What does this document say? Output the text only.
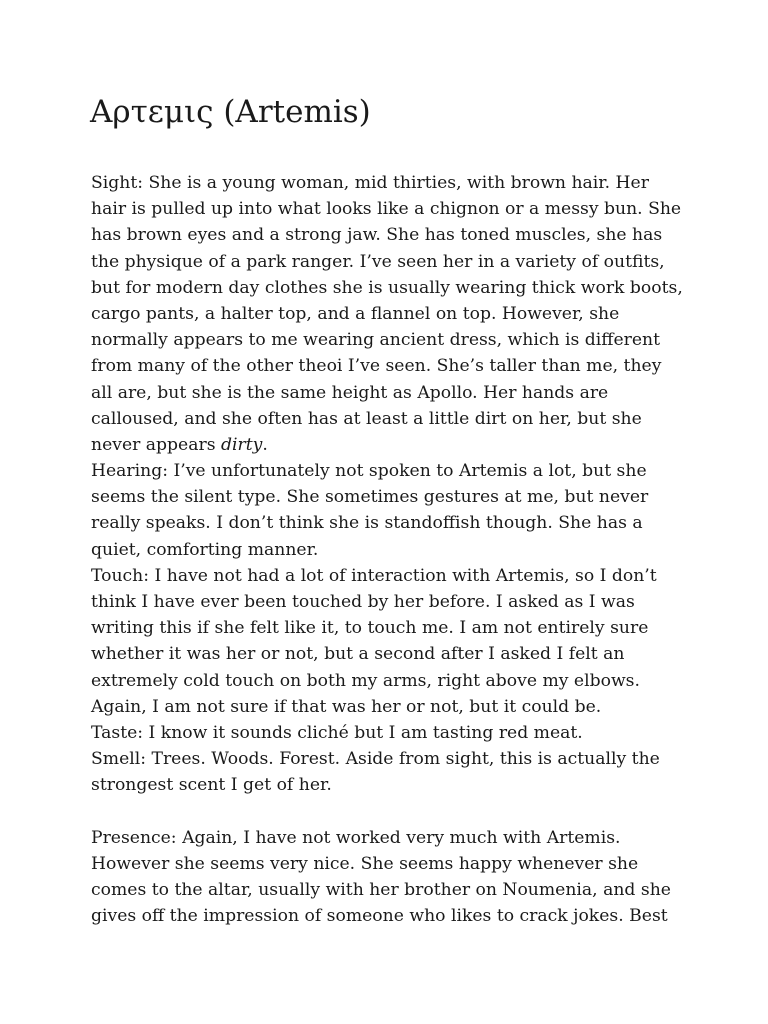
Αρτεμις (Artemis)
Sight: She is a young woman, mid thirties, with brown hair. Her
hair is pulled up into what looks like a chignon or a messy bun. She
has brown eyes and a strong jaw. She has toned muscles, she has
the physique of a park ranger. I’ve seen her in a variety of outfits,
but for modern day clothes she is usually wearing thick work boots,
cargo pants, a halter top, and a flannel on top. However, she
normally appears to me wearing ancient dress, which is different
from many of the other theoi I’ve seen. She’s taller than me, they
all are, but she is the same height as Apollo. Her hands are
calloused, and she often has at least a little dirt on her, but she
never appears dirty.
Hearing: I’ve unfortunately not spoken to Artemis a lot, but she
seems the silent type. She sometimes gestures at me, but never
really speaks. I don’t think she is standoffish though. She has a
quiet, comforting manner.
Touch: I have not had a lot of interaction with Artemis, so I don’t
think I have ever been touched by her before. I asked as I was
writing this if she felt like it, to touch me. I am not entirely sure
whether it was her or not, but a second after I asked I felt an
extremely cold touch on both my arms, right above my elbows.
Again, I am not sure if that was her or not, but it could be.
Taste: I know it sounds cliché but I am tasting red meat.
Smell: Trees. Woods. Forest. Aside from sight, this is actually the
strongest scent I get of her.
Presence: Again, I have not worked very much with Artemis.
However she seems very nice. She seems happy whenever she
comes to the altar, usually with her brother on Noumenia, and she
gives off the impression of someone who likes to crack jokes. Best
